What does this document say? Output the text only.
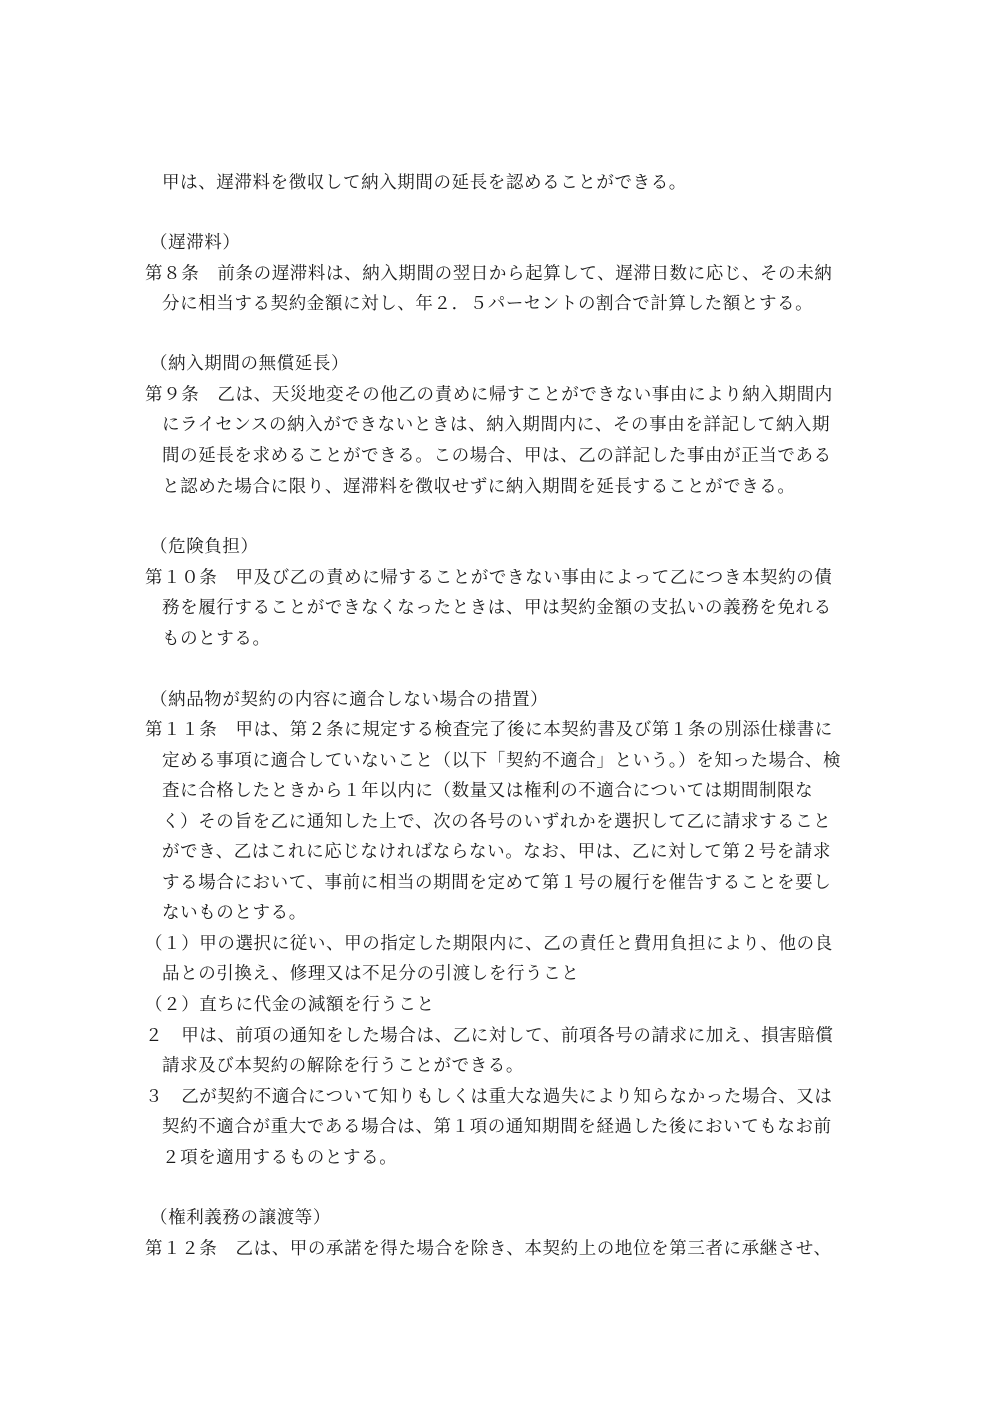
甲は、遅滞料を徴収して納入期間の延長を認めることができる。
（遅滞料）
第８条　前条の遅滞料は、納入期間の翌日から起算して、遅滞日数に応じ、その未納
分に相当する契約金額に対し、年２．５パーセントの割合で計算した額とする。
（納入期間の無償延長）
第９条　乙は、天災地変その他乙の責めに帰すことができない事由により納入期間内
にライセンスの納入ができないときは、納入期間内に、その事由を詳記して納入期
間の延長を求めることができる。この場合、甲は、乙の詳記した事由が正当である
と認めた場合に限り、遅滞料を徴収せずに納入期間を延長することができる。
（危険負担）
第１０条　甲及び乙の責めに帰することができない事由によって乙につき本契約の債
務を履行することができなくなったときは、甲は契約金額の支払いの義務を免れる
ものとする。
（納品物が契約の内容に適合しない場合の措置）
第１１条　甲は、第２条に規定する検査完了後に本契約書及び第１条の別添仕様書に
定める事項に適合していないこと（以下「契約不適合」という。）を知った場合、検
査に合格したときから１年以内に（数量又は権利の不適合については期間制限な
く）その旨を乙に通知した上で、次の各号のいずれかを選択して乙に請求すること
ができ、乙はこれに応じなければならない。なお、甲は、乙に対して第２号を請求
する場合において、事前に相当の期間を定めて第１号の履行を催告することを要し
ないものとする。
（１）甲の選択に従い、甲の指定した期限内に、乙の責任と費用負担により、他の良
品との引換え、修理又は不足分の引渡しを行うこと
（２）直ちに代金の減額を行うこと
２　甲は、前項の通知をした場合は、乙に対して、前項各号の請求に加え、損害賠償
請求及び本契約の解除を行うことができる。
３　乙が契約不適合について知りもしくは重大な過失により知らなかった場合、又は
契約不適合が重大である場合は、第１項の通知期間を経過した後においてもなお前
２項を適用するものとする。
（権利義務の譲渡等）
第１２条　乙は、甲の承諾を得た場合を除き、本契約上の地位を第三者に承継させ、
